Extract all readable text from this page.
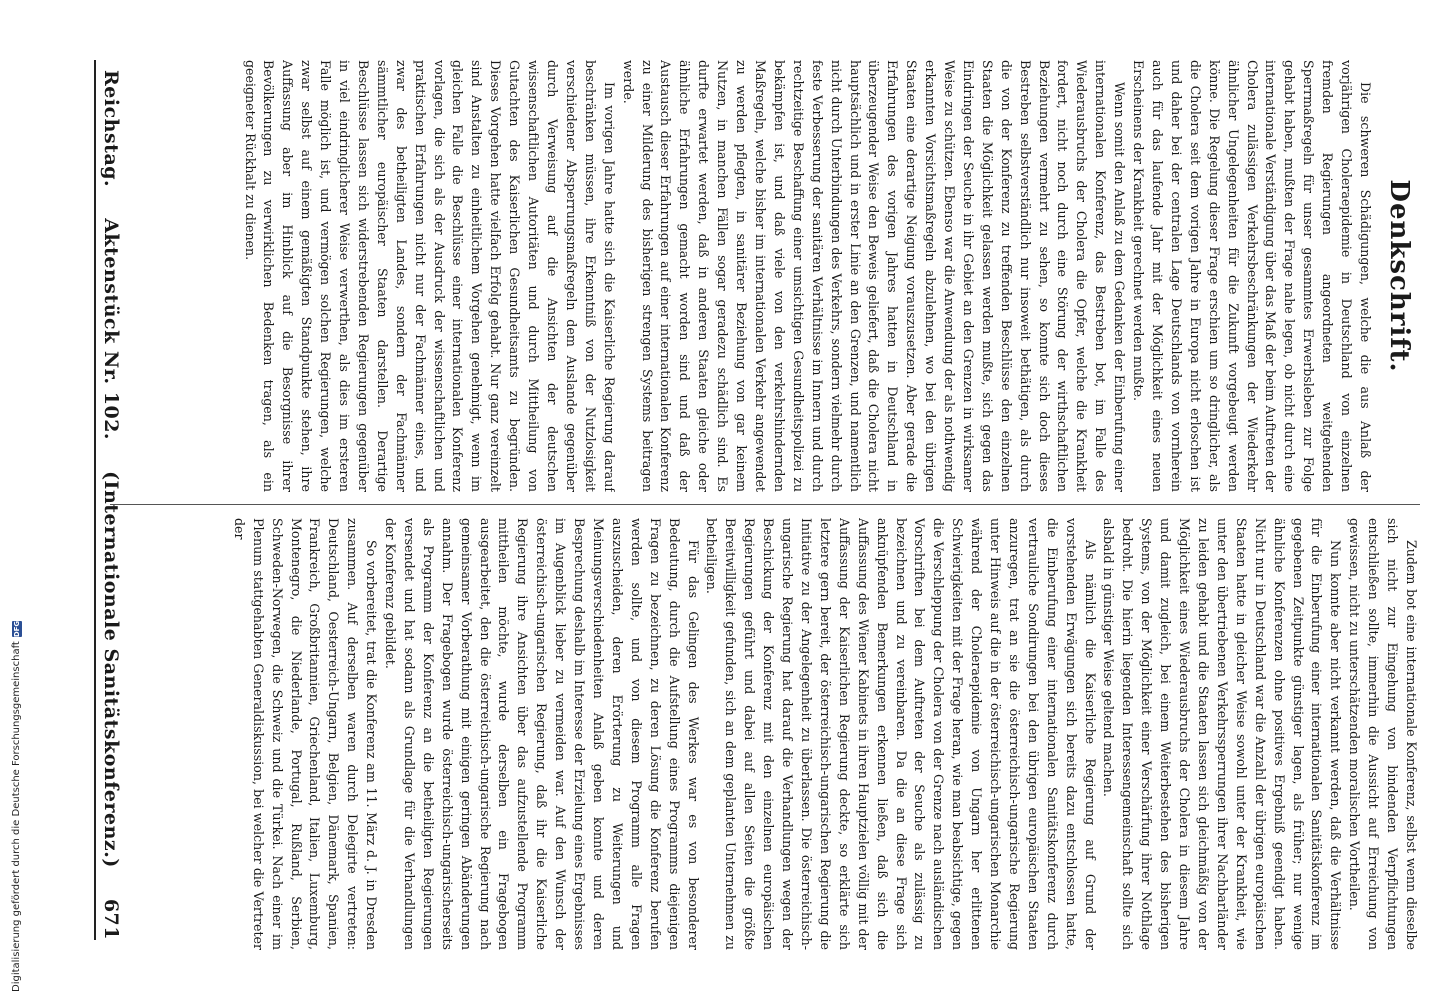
Reichstag.
Aktenstück Nr. 102.
(Internationale Sanitätskonferenz.)
671
Denkschrift.

Die schweren Schädigungen, welche die aus Anlaß der vorjährigen Choleraepidemie in Deutschland von einzelnen fremden Regierungen angeordneten weitgehenden Sperrmaßregeln für unser gesammtes Erwerbsleben zur Folge gehabt haben, mußten der Frage nahe legen, ob nicht durch eine internationale Verständigung über das Maß der beim Auftreten der Cholera zulässigen Verkehrsbeschränkungen der Wiederkehr ähnlicher Ungelegenheiten für die Zukunft vorgebeugt werden könne. Die Regelung dieser Frage erschien um so dringlicher, als die Cholera seit dem vorigen Jahre in Europa nicht erloschen ist und daher bei der centralen Lage Deutschlands von vornherein auch für das laufende Jahr mit der Möglichkeit eines neuen Erscheinens der Krankheit gerechnet werden mußte.

Wenn somit den Anlaß zu dem Gedanken der Einberufung einer internationalen Konferenz, das Bestreben bot, im Falle des Wiederausbruchs der Cholera die Opfer, welche die Krankheit fordert, nicht noch durch eine Störung der wirthschaftlichen Beziehungen vermehrt zu sehen, so konnte sich doch dieses Bestreben selbstverständlich nur insoweit bethätigen, als durch die von der Konferenz zu treffenden Beschlüsse den einzelnen Staaten die Möglichkeit gelassen werden mußte, sich gegen das Eindringen der Seuche in ihr Gebiet an den Grenzen in wirksamer Weise zu schützen. Ebenso war die Anwendung der als nothwendig erkannten Vorsichtsmaßregeln abzulehnen, wo bei den übrigen Staaten eine derartige Neigung vorauszusetzen. Aber gerade die Erfahrungen des vorigen Jahres hatten in Deutschland in überzeugender Weise den Beweis geliefert, daß die Cholera nicht hauptsächlich und in erster Linie an den Grenzen, und namentlich nicht durch Unterbindungen des Verkehrs, sondern vielmehr durch feste Verbesserung der sanitären Verhältnisse im Innern und durch rechtzeitige Beschaffung einer umsichtigen Gesundheitspolizei zu bekämpfen ist, und daß viele von den verkehrshindernden Maßregeln, welche bisher im internationalen Verkehr angewendet zu werden pflegten, in sanitärer Beziehung von gar keinem Nutzen, in manchen Fällen sogar geradezu schädlich sind. Es durfte erwartet werden, daß in anderen Staaten gleiche oder ähnliche Erfahrungen gemacht worden sind und daß der Austausch dieser Erfahrungen auf einer internationalen Konferenz zu einer Milderung des bisherigen strengen Systems beitragen werde.

Im vorigen Jahre hatte sich die Kaiserliche Regierung darauf beschränken müssen, ihre Erkenntniß von der Nutzlosigkeit verschiedener Absperrungsmaßregeln dem Auslande gegenüber durch Verweisung auf die Ansichten der deutschen wissenschaftlichen Autoritäten und durch Mittheilung von Gutachten des Kaiserlichen Gesundheitsamts zu begründen. Dieses Vorgehen hatte vielfach Erfolg gehabt. Nur ganz vereinzelt sind Anstalten zu einheitlichem Vorgehen genehmigt, wenn im gleichen Falle die Beschlüsse einer internationalen Konferenz vorlagen, die sich als der Ausdruck der wissenschaftlichen und praktischen Erfahrungen nicht nur der Fachmänner eines, und zwar des betheiligten Landes, sondern der Fachmänner sämmtlicher europäischer Staaten darstellen. Derartige Beschlüsse lassen sich widerstrebenden Regierungen gegenüber in viel eindringlicherer Weise verwerthen, als dies im ersteren Falle möglich ist, und vermögen solchen Regierungen, welche zwar selbst auf einem gemäßigten Standpunkte stehen, ihre Auffassung aber im Hinblick auf die Besorgnisse ihrer Bevölkerungen zu verwirklichen Bedenken tragen, als ein geeigneter Rückhalt zu dienen.

Zudem bot eine internationale Konferenz, selbst wenn dieselbe sich nicht zur Eingehung von bindenden Verpflichtungen entschließen sollte, immerhin die Aussicht auf Erreichung von gewissen, nicht zu unterschätzenden moralischen Vortheilen.

Nun konnte aber nicht verkannt werden, daß die Verhältnisse für die Einberufung einer internationalen Sanitätskonferenz im gegebenen Zeitpunkte günstiger lagen, als früher; nur wenige ähnliche Konferenzen ohne positives Ergebniß geendigt haben. Nicht nur in Deutschland war die Anzahl der übrigen europäischen Staaten hatte in gleicher Weise sowohl unter der Krankheit, wie unter den übertriebenen Verkehrssperrungen ihrer Nachbarländer zu leiden gehabt und die Staaten lassen sich gleichmäßig von der Möglichkeit eines Wiederausbruchs der Cholera in diesem Jahre und damit zugleich, bei einem Weiterbestehen des bisherigen Systems, von der Möglichkeit einer Verschärfung ihrer Nothlage bedroht. Die hierin liegenden Interessengemeinschaft sollte sich alsbald in günstiger Weise geltend machen.

Als nämlich die Kaiserliche Regierung auf Grund der vorstehenden Erwägungen sich bereits dazu entschlossen hatte, die Einberufung einer internationalen Sanitätskonferenz durch vertrauliche Sondirungen bei den übrigen europäischen Staaten anzuregen, trat an sie die österreichisch-ungarische Regierung unter Hinweis auf die in der österreichisch-ungarischen Monarchie während der Choleraepidemie von Ungarn her erlittenen Schwierigkeiten mit der Frage heran, wie man beabsichtige, gegen die Verschleppung der Cholera von der Grenze nach ausländischen Vorschriften bei dem Auftreten der Seuche als zulässig zu bezeichnen und zu vereinbaren. Da die an diese Frage sich anknüpfenden Bemerkungen erkennen ließen, daß sich die Auffassung des Wiener Kabinets in ihren Hauptzielen völlig mit der Auffassung der Kaiserlichen Regierung deckte, so erklärte sich letztere gern bereit, der österreichisch-ungarischen Regierung die Initiative zu der Angelegenheit zu überlassen. Die österreichisch-ungarische Regierung hat darauf die Verhandlungen wegen der Beschickung der Konferenz mit den einzelnen europäischen Regierungen geführt und dabei auf allen Seiten die größte Bereitwilligkeit gefunden, sich an dem geplanten Unternehmen zu betheiligen.

Für das Gelingen des Werkes war es von besonderer Bedeutung, durch die Aufstellung eines Programms diejenigen Fragen zu bezeichnen, zu deren Lösung die Konferenz berufen werden sollte, und von diesem Programm alle Fragen auszuscheiden, deren Erörterung zu Weiterungen und Meinungsverschiedenheiten Anlaß geben konnte und deren Besprechung deshalb im Interesse der Erzielung eines Ergebnisses im Augenblick lieber zu vermeiden war. Auf den Wunsch der österreichisch-ungarischen Regierung, daß ihr die Kaiserliche Regierung ihre Ansichten über das aufzustellende Programm mittheilen möchte, wurde derselben ein Fragebogen ausgearbeitet, den die österreichisch-ungarische Regierung nach gemeinsamer Vorberathung mit einigen geringen Abänderungen annahm. Der Fragebogen wurde österreichisch-ungarischerseits als Programm der Konferenz an die betheiligten Regierungen versendet und hat sodann als Grundlage für die Verhandlungen der Konferenz gebildet.

So vorbereitet, trat die Konferenz am 11. März d. J. in Dresden zusammen. Auf derselben waren durch Delegirte vertreten: Deutschland, Oesterreich-Ungarn, Belgien, Dänemark, Spanien, Frankreich, Großbritannien, Griechenland, Italien, Luxemburg, Montenegro, die Niederlande, Portugal, Rußland, Serbien, Schweden-Norwegen, die Schweiz und die Türkei. Nach einer im Plenum stattgehabten Generaldiskussion, bei welcher die Vertreter der

Digitalisierung gefördert durch die Deutsche Forschungsgemeinschaft
DFG
